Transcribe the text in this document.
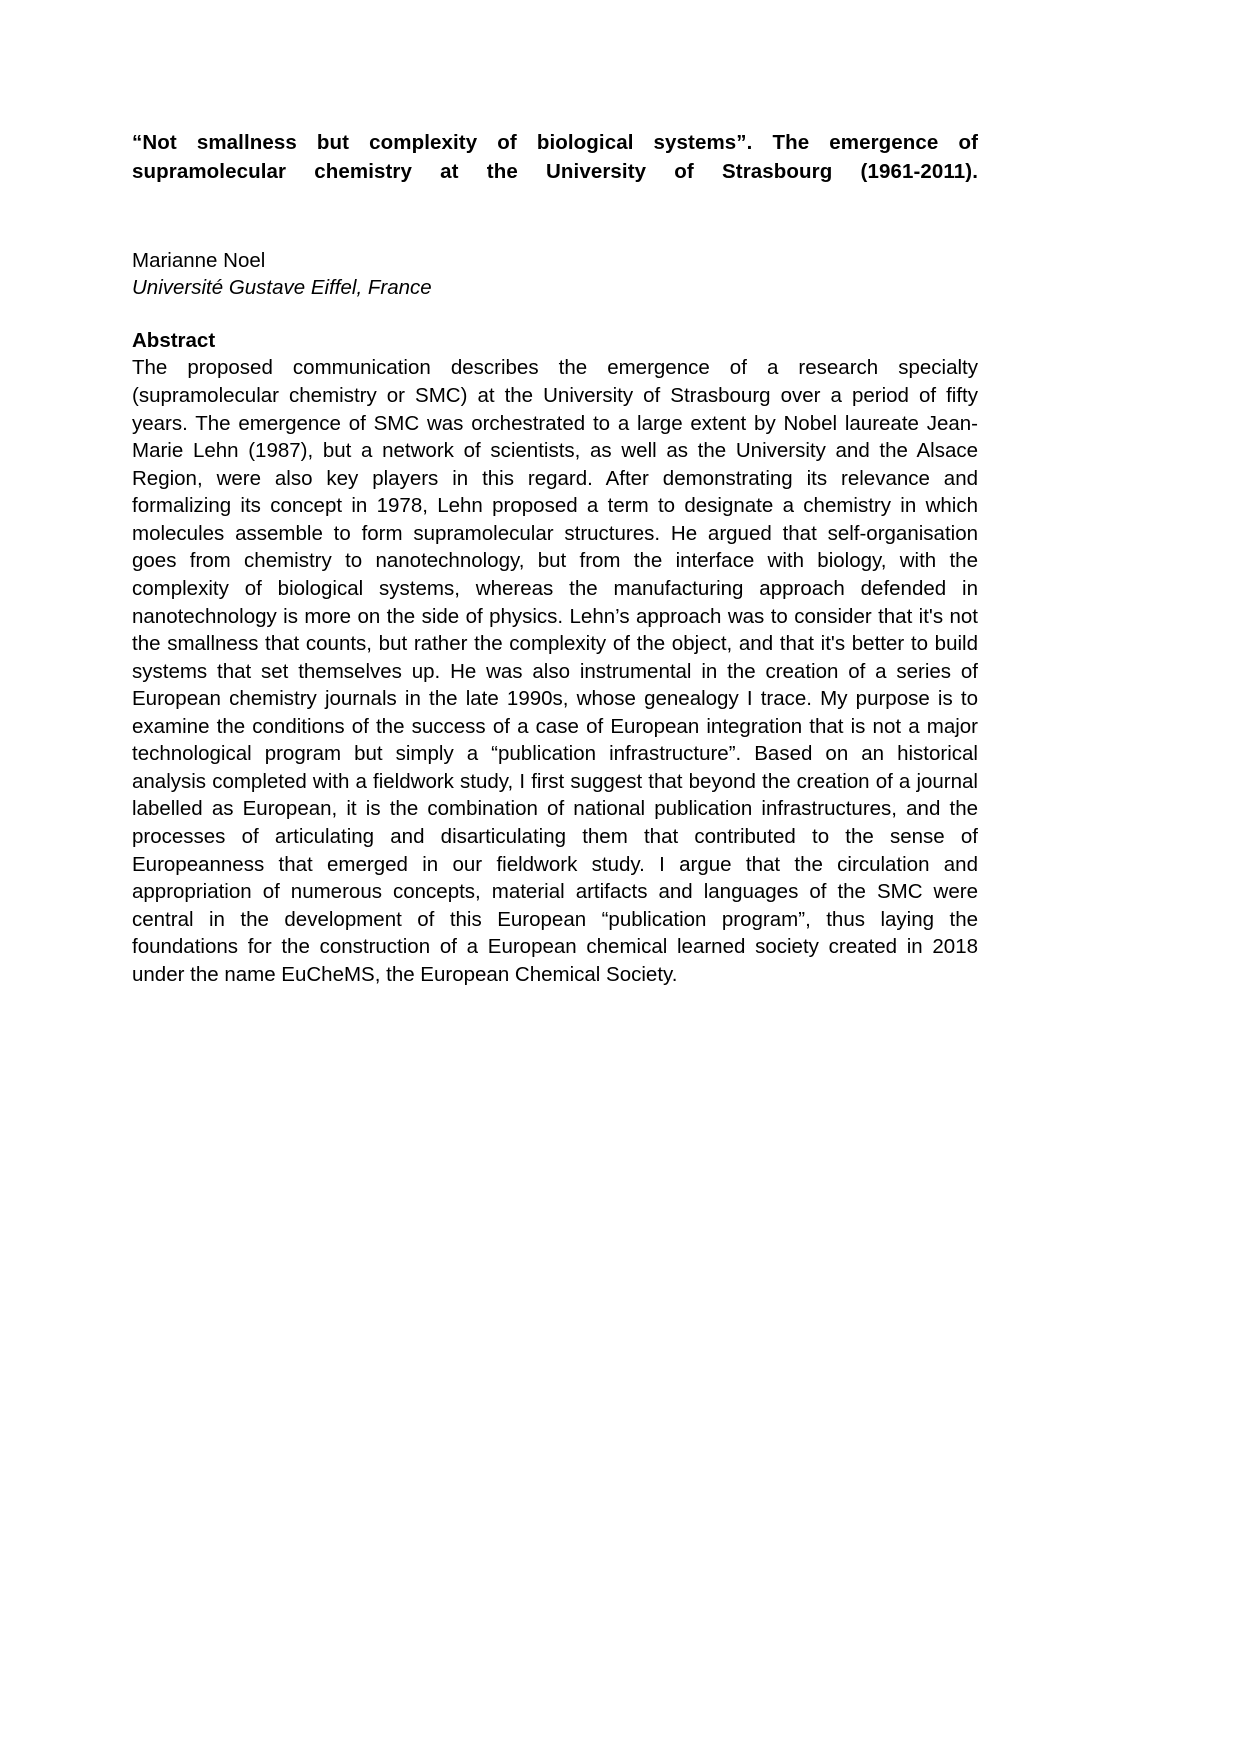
“Not smallness but complexity of biological systems”. The emergence of supramolecular chemistry at the University of Strasbourg (1961-2011).
Marianne Noel
Université Gustave Eiffel, France
Abstract

The proposed communication describes the emergence of a research specialty (supramolecular chemistry or SMC) at the University of Strasbourg over a period of fifty years. The emergence of SMC was orchestrated to a large extent by Nobel laureate Jean-Marie Lehn (1987), but a network of scientists, as well as the University and the Alsace Region, were also key players in this regard. After demonstrating its relevance and formalizing its concept in 1978, Lehn proposed a term to designate a chemistry in which molecules assemble to form supramolecular structures. He argued that self-organisation goes from chemistry to nanotechnology, but from the interface with biology, with the complexity of biological systems, whereas the manufacturing approach defended in nanotechnology is more on the side of physics. Lehn’s approach was to consider that it's not the smallness that counts, but rather the complexity of the object, and that it's better to build systems that set themselves up. He was also instrumental in the creation of a series of European chemistry journals in the late 1990s, whose genealogy I trace. My purpose is to examine the conditions of the success of a case of European integration that is not a major technological program but simply a “publication infrastructure”. Based on an historical analysis completed with a fieldwork study, I first suggest that beyond the creation of a journal labelled as European, it is the combination of national publication infrastructures, and the processes of articulating and disarticulating them that contributed to the sense of Europeanness that emerged in our fieldwork study. I argue that the circulation and appropriation of numerous concepts, material artifacts and languages of the SMC were central in the development of this European “publication program”, thus laying the foundations for the construction of a European chemical learned society created in 2018 under the name EuCheMS, the European Chemical Society.
